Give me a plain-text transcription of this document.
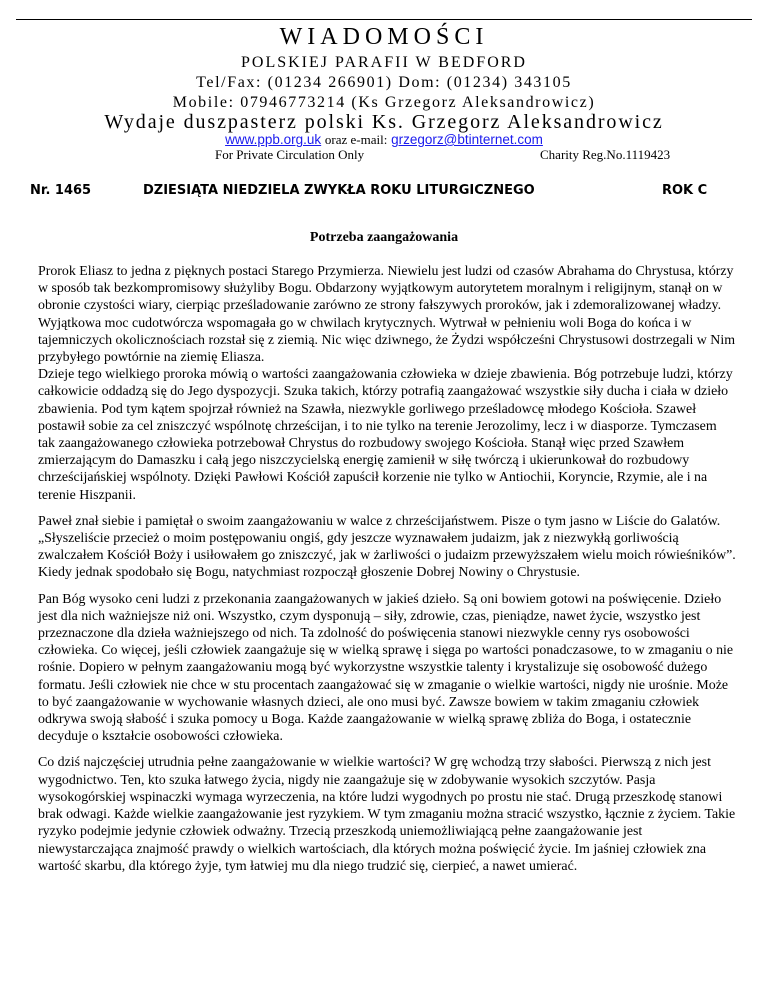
WIADOMOŚCI
POLSKIEJ PARAFII W BEDFORD
Tel/Fax: (01234 266901) Dom: (01234) 343105
Mobile: 07946773214 (Ks Grzegorz Aleksandrowicz)
Wydaje duszpasterz polski Ks. Grzegorz Aleksandrowicz
www.ppb.org.uk oraz e-mail: grzegorz@btinternet.com
For Private Circulation Only	Charity Reg.No.1119423
Nr. 1465	DZIESIĄTA NIEDZIELA ZWYKŁA ROKU LITURGICZNEGO	ROK C
Potrzeba zaangażowania

Prorok Eliasz to jedna z pięknych postaci Starego Przymierza. Niewielu jest ludzi od czasów Abrahama do Chrystusa, którzy w sposób tak bezkompromisowy służyliby Bogu. Obdarzony wyjątkowym autorytetem moralnym i religijnym, stanął on w obronie czystości wiary, cierpiąc prześladowanie zarówno ze strony fałszywych proroków, jak i zdemoralizowanej władzy. Wyjątkowa moc cudotwórcza wspomagała go w chwilach krytycznych. Wytrwał w pełnieniu woli Boga do końca i w tajemniczych okolicznościach rozstał się z ziemią. Nic więc dziwnego, że Żydzi współcześni Chrystusowi dostrzegali w Nim przybyłego powtórnie na ziemię Eliasza.

Dzieje tego wielkiego proroka mówią o wartości zaangażowania człowieka w dzieje zbawienia. Bóg potrzebuje ludzi, którzy całkowicie oddadzą się do Jego dyspozycji. Szuka takich, którzy potrafią zaangażować wszystkie siły ducha i ciała w dzieło zbawienia. Pod tym kątem spojrzał również na Szawła, niezwykle gorliwego prześladowcę młodego Kościoła. Szaweł postawił sobie za cel zniszczyć wspólnotę chrześcijan, i to nie tylko na terenie Jerozolimy, lecz i w diasporze. Tymczasem tak zaangażowanego człowieka potrzebował Chrystus do rozbudowy swojego Kościoła. Stanął więc przed Szawłem zmierzającym do Damaszku i całą jego niszczycielską energię zamienił w siłę twórczą i ukierunkował do rozbudowy chrześcijańskiej wspólnoty. Dzięki Pawłowi Kościół zapuścił korzenie nie tylko w Antiochii, Koryncie, Rzymie, ale i na terenie Hiszpanii.

Paweł znał siebie i pamiętał o swoim zaangażowaniu w walce z chrześcijaństwem. Pisze o tym jasno w Liście do Galatów. „Słyszeliście przecież o moim postępowaniu ongiś, gdy jeszcze wyznawałem judaizm, jak z niezwykłą gorliwością zwalczałem Kościół Boży i usiłowałem go zniszczyć, jak w żarliwości o judaizm przewyższałem wielu moich rówieśników”. Kiedy jednak spodobało się Bogu, natychmiast rozpoczął głoszenie Dobrej Nowiny o Chrystusie.

Pan Bóg wysoko ceni ludzi z przekonania zaangażowanych w jakieś dzieło. Są oni bowiem gotowi na poświęcenie. Dzieło jest dla nich ważniejsze niż oni. Wszystko, czym dysponują – siły, zdrowie, czas, pieniądze, nawet życie, wszystko jest przeznaczone dla dzieła ważniejszego od nich. Ta zdolność do poświęcenia stanowi niezwykle cenny rys osobowości człowieka. Co więcej, jeśli człowiek zaangażuje się w wielką sprawę i sięga po wartości ponadczasowe, to w zmaganiu o nie rośnie. Dopiero w pełnym zaangażowaniu mogą być wykorzystne wszystkie talenty i krystalizuje się osobowość dużego formatu. Jeśli człowiek nie chce w stu procentach zaangażować się w zmaganie o wielkie wartości, nigdy nie urośnie. Może to być zaangażowanie w wychowanie własnych dzieci, ale ono musi być. Zawsze bowiem w takim zmaganiu człowiek odkrywa swoją słabość i szuka pomocy u Boga. Każde zaangażowanie w wielką sprawę zbliża do Boga, i ostatecznie decyduje o kształcie osobowości człowieka.

Co dziś najczęściej utrudnia pełne zaangażowanie w wielkie wartości? W grę wchodzą trzy słabości. Pierwszą z nich jest wygodnictwo. Ten, kto szuka łatwego życia, nigdy nie zaangażuje się w zdobywanie wysokich szczytów. Pasja wysokogórskiej wspinaczki wymaga wyrzeczenia, na które ludzi wygodnych po prostu nie stać. Drugą przeszkodę stanowi brak odwagi. Każde wielkie zaangażowanie jest ryzykiem. W tym zmaganiu można stracić wszystko, łącznie z życiem. Takie ryzyko podejmie jedynie człowiek odważny. Trzecią przeszkodą uniemożliwiającą pełne zaangażowanie jest niewystarczająca znajmość prawdy o wielkich wartościach, dla których można poświęcić życie. Im jaśniej człowiek zna wartość skarbu, dla którego żyje, tym łatwiej mu dla niego trudzić się, cierpieć, a nawet umierać.
